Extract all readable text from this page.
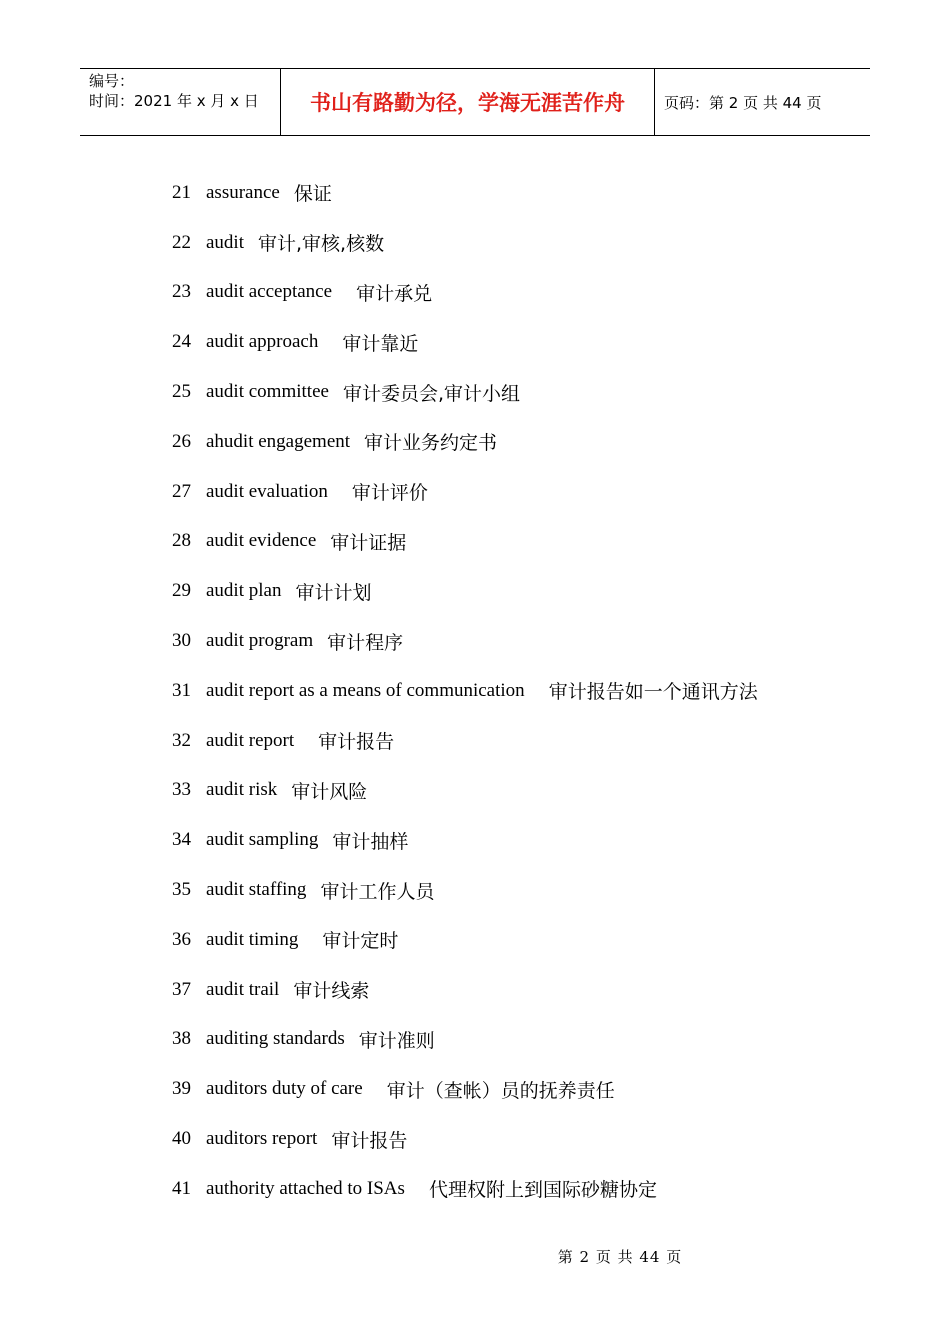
编号：
时间：2021 年 x 月 x 日	书山有路勤为径，学海无涯苦作舟	页码：第 2 页 共 44 页
21 assurance 保证
22 audit 审计,审核,核数
23 audit acceptance 审计承兑
24 audit approach 审计靠近
25 audit committee 审计委员会,审计小组
26 ahudit engagement 审计业务约定书
27 audit evaluation 审计评价
28 audit evidence 审计证据
29 audit plan 审计计划
30 audit program 审计程序
31 audit report as a means of communication 审计报告如一个通讯方法
32 audit report 审计报告
33 audit risk 审计风险
34 audit sampling 审计抽样
35 audit staffing 审计工作人员
36 audit timing 审计定时
37 audit trail 审计线索
38 auditing standards 审计准则
39 auditors duty of care 审计（查帐）员的抚养责任
40 auditors report 审计报告
41 authority attached to ISAs 代理权附上到国际砂糖协定
第 2 页 共 44 页
